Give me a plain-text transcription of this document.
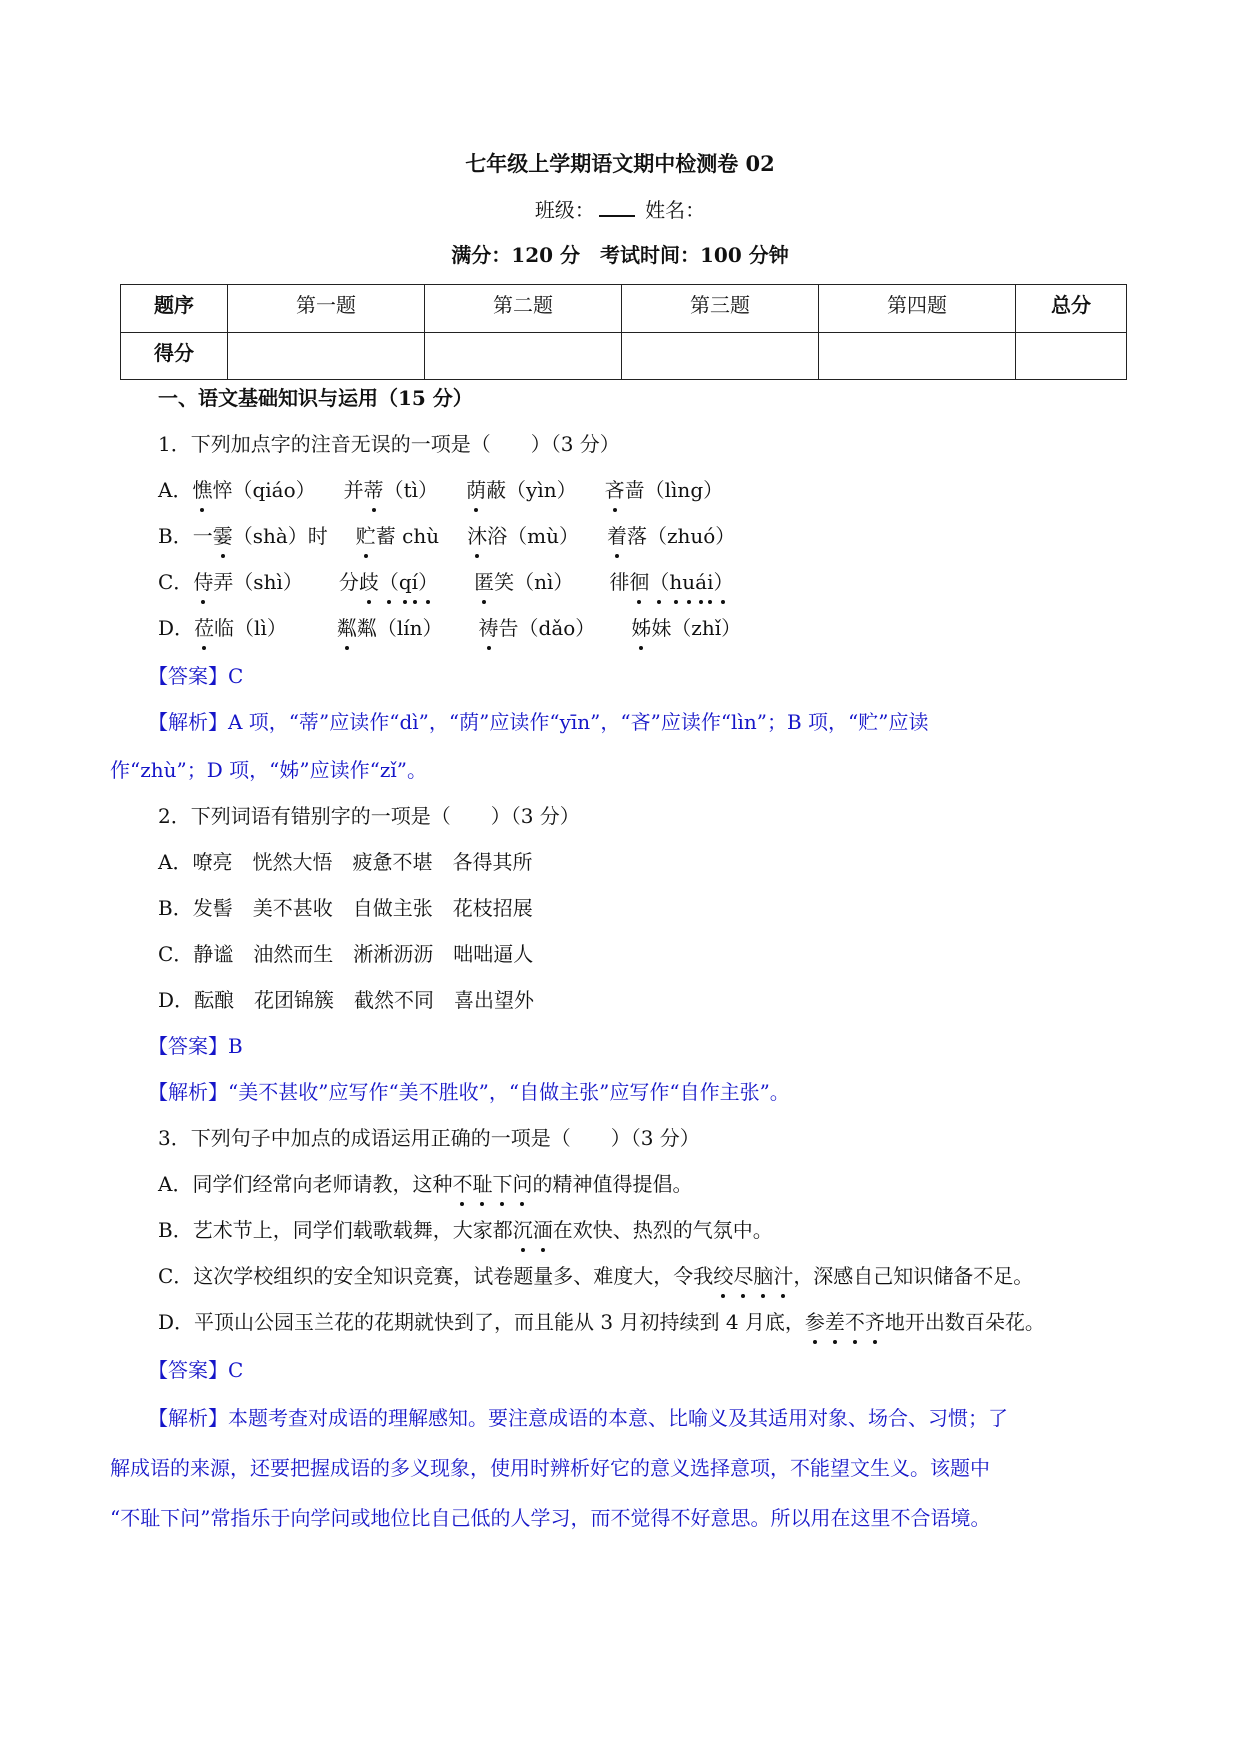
七年级上学期语文期中检测卷 02
班级：	姓名：
满分：120 分　考试时间：100 分钟
题序	第一题	第二题	第三题	第四题	总分
得分					
一、语文基础知识与运用（15 分）
1．下列加点字的注音无误的一项是（　　）（3 分）
A．憔悴（qiáo） 并蒂（tì） 荫蔽（yìn） 吝啬（lìng）
B．一霎（shà）时 贮蓄 chù 沐浴（mù） 着落（zhuó）
C．侍弄（shì） 分歧（qí） 匿笑（nì） 徘徊（huái）
D．莅临（lì）	粼粼（lín） 祷告（dǎo） 姊妹（zhǐ）
【答案】C
【解析】A 项，“蒂”应读作“dì”，“荫”应读作“yīn”，“吝”应读作“lìn”；B 项，“贮”应读
作“zhù”；D 项，“姊”应读作“zǐ”。
2．下列词语有错别字的一项是（　　）（3 分）
A．嘹亮　恍然大悟　疲惫不堪　各得其所
B．发髻　美不甚收　自做主张　花枝招展
C．静谧　油然而生　淅淅沥沥　咄咄逼人
D．酝酿　花团锦簇　截然不同　喜出望外
【答案】B
【解析】“美不甚收”应写作“美不胜收”，“自做主张”应写作“自作主张”。
3．下列句子中加点的成语运用正确的一项是（　　）（3 分）
A．同学们经常向老师请教，这种不耻下问的精神值得提倡。
B．艺术节上，同学们载歌载舞，大家都沉湎在欢快、热烈的气氛中。
C．这次学校组织的安全知识竞赛，试卷题量多、难度大，令我绞尽脑汁，深感自己知识储备不足。
D．平顶山公园玉兰花的花期就快到了，而且能从 3 月初持续到 4 月底，参差不齐地开出数百朵花。
【答案】C
【解析】本题考查对成语的理解感知。要注意成语的本意、比喻义及其适用对象、场合、习惯；了
解成语的来源，还要把握成语的多义现象，使用时辨析好它的意义选择意项，不能望文生义。该题中
“不耻下问”常指乐于向学问或地位比自己低的人学习，而不觉得不好意思。所以用在这里不合语境。
